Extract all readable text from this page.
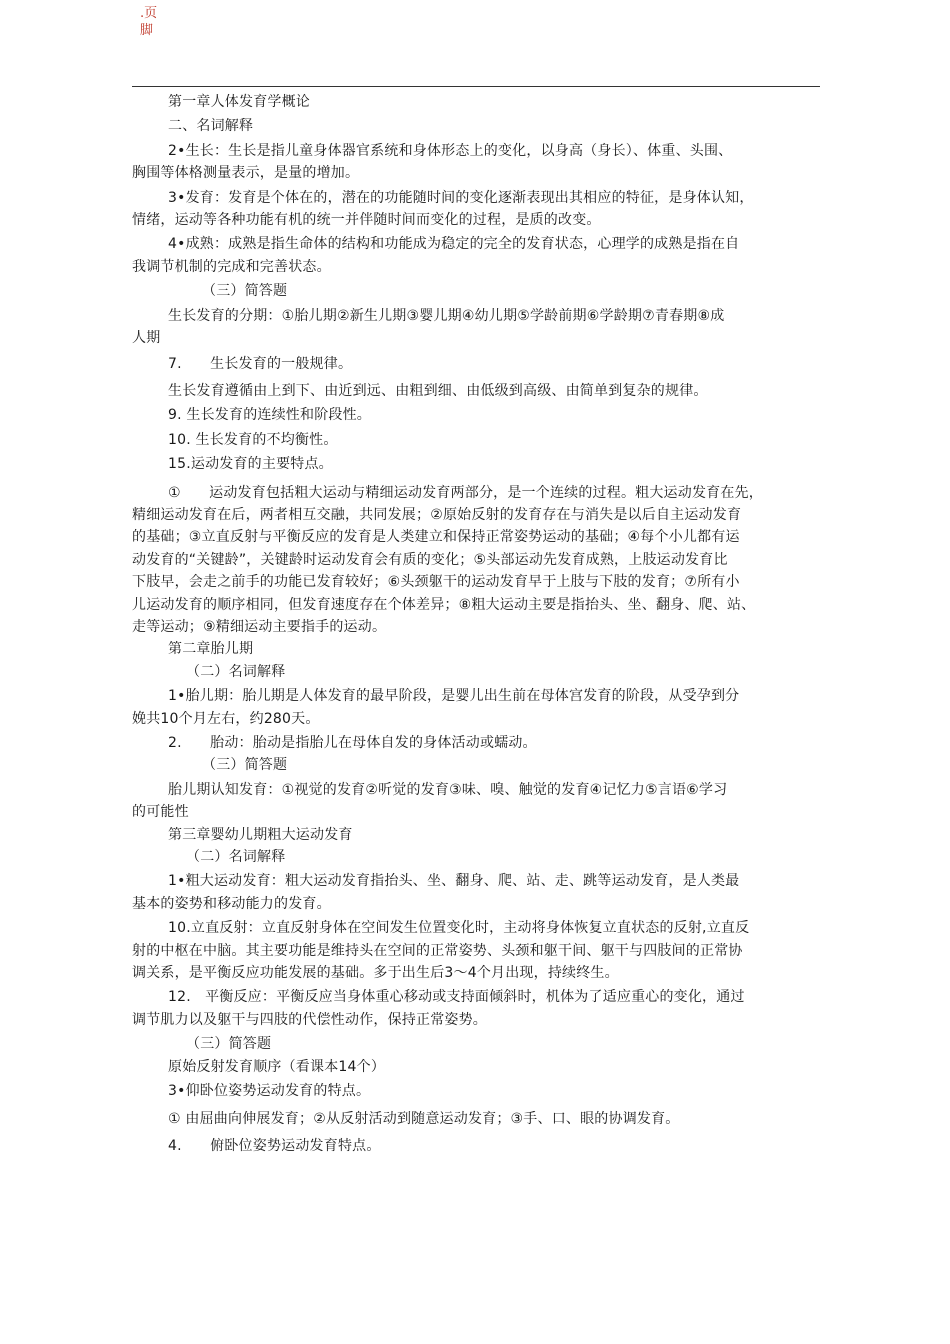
.页脚

第一章人体发育学概论

二、名词解释

2•生长：生长是指儿童身体器官系统和身体形态上的变化，以身高（身长）、体重、头围、

胸围等体格测量表示，是量的增加。

3•发育：发育是个体在的，潜在的功能随时间的变化逐渐表现出其相应的特征，是身体认知，

情绪，运动等各种功能有机的统一并伴随时间而变化的过程，是质的改变。

4•成熟：成熟是指生命体的结构和功能成为稳定的完全的发育状态，心理学的成熟是指在自

我调节机制的完成和完善状态。

（三）简答题

生长发育的分期：①胎儿期②新生儿期③婴儿期④幼儿期⑤学龄前期⑥学龄期⑦青春期⑧成

人期

7.　　生长发育的一般规律。

生长发育遵循由上到下、由近到远、由粗到细、由低级到高级、由简单到复杂的规律。

9. 生长发育的连续性和阶段性。

10. 生长发育的不均衡性。

15.运动发育的主要特点。

①　　运动发育包括粗大运动与精细运动发育两部分，是一个连续的过程。粗大运动发育在先，

精细运动发育在后，两者相互交融，共同发展；②原始反射的发育存在与消失是以后自主运动发育

的基础；③立直反射与平衡反应的发育是人类建立和保持正常姿势运动的基础；④每个小儿都有运

动发育的“关键龄”，关键龄时运动发育会有质的变化；⑤头部运动先发育成熟，上肢运动发育比

下肢早，会走之前手的功能已发育较好；⑥头颈躯干的运动发育早于上肢与下肢的发育；⑦所有小

儿运动发育的顺序相同，但发育速度存在个体差异；⑧粗大运动主要是指抬头、坐、翻身、爬、站、

走等运动；⑨精细运动主要指手的运动。

第二章胎儿期

（二）名词解释

1•胎儿期：胎儿期是人体发育的最早阶段，是婴儿出生前在母体宫发育的阶段，从受孕到分

娩共10个月左右，约280天。

2.　　胎动：胎动是指胎儿在母体自发的身体活动或蠕动。

（三）简答题

胎儿期认知发育：①视觉的发育②听觉的发育③味、嗅、触觉的发育④记忆力⑤言语⑥学习

的可能性

第三章婴幼儿期粗大运动发育

（二）名词解释

1•粗大运动发育：粗大运动发育指抬头、坐、翻身、爬、站、走、跳等运动发育，是人类最

基本的姿势和移动能力的发育。

10.立直反射：立直反射身体在空间发生位置变化时，主动将身体恢复立直状态的反射,立直反

射的中枢在中脑。其主要功能是维持头在空间的正常姿势、头颈和躯干间、躯干与四肢间的正常协

调关系，是平衡反应功能发展的基础。多于出生后3〜4个月出现，持续终生。

12.　平衡反应：平衡反应当身体重心移动或支持面倾斜时，机体为了适应重心的变化，通过

调节肌力以及躯干与四肢的代偿性动作，保持正常姿势。

（三）简答题

原始反射发育顺序（看课本14个）

3•仰卧位姿势运动发育的特点。

① 由屈曲向伸展发育；②从反射活动到随意运动发育；③手、口、眼的协调发育。

4.　　俯卧位姿势运动发育特点。
